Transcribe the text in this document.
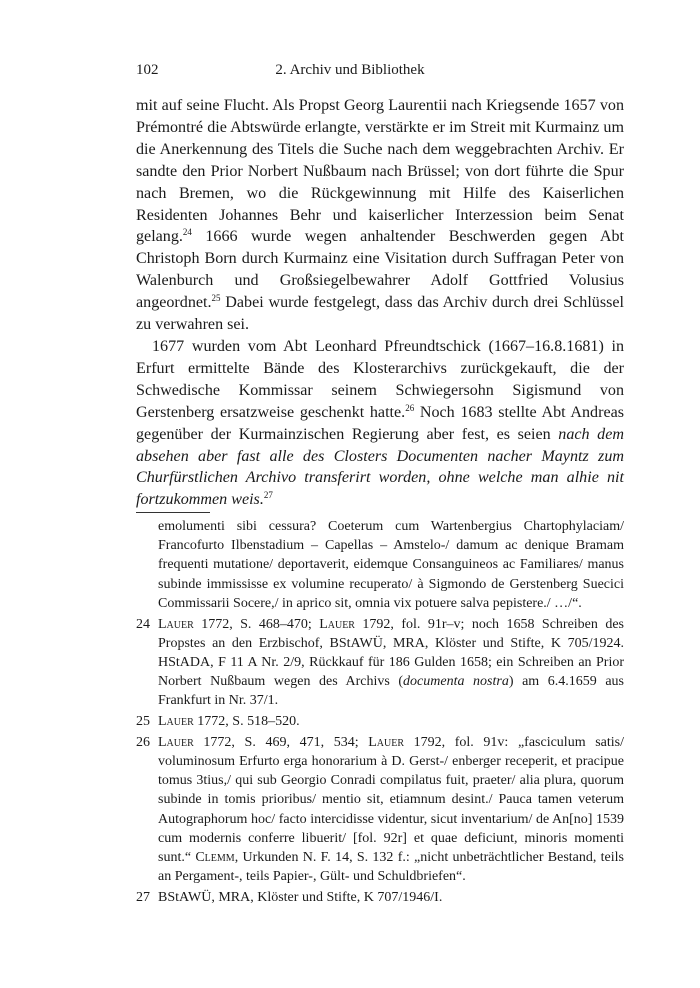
102	2. Archiv und Bibliothek

mit auf seine Flucht. Als Propst Georg Laurentii nach Kriegsende 1657 von Prémontré die Abtswürde erlangte, verstärkte er im Streit mit Kurmainz um die Anerkennung des Titels die Suche nach dem weggebrachten Archiv. Er sandte den Prior Norbert Nußbaum nach Brüssel; von dort führte die Spur nach Bremen, wo die Rückgewinnung mit Hilfe des Kaiserlichen Residenten Johannes Behr und kaiserlicher Interzession beim Senat gelang.$^{24}$ 1666 wurde wegen anhaltender Beschwerden gegen Abt Christoph Born durch Kurmainz eine Visitation durch Suffragan Peter von Walenburch und Großsiegelbewahrer Adolf Gottfried Volusius angeordnet.$^{25}$ Dabei wurde festgelegt, dass das Archiv durch drei Schlüssel zu verwahren sei.

1677 wurden vom Abt Leonhard Pfreundtschick (1667–16.8.1681) in Erfurt ermittelte Bände des Klosterarchivs zurückgekauft, die der Schwedische Kommissar seinem Schwiegersohn Sigismund von Gerstenberg ersatzweise geschenkt hatte.$^{26}$ Noch 1683 stellte Abt Andreas gegenüber der Kurmainzischen Regierung aber fest, es seien nach dem absehen aber fast alle des Closters Documenten nacher Mayntz zum Churfürstlichen Archivo transferirt worden, ohne welche man alhie nit fortzukommen weis.$^{27}$

emolumenti sibi cessura? Coeterum cum Wartenbergius Chartophylaciam/ Francofurto Ilbenstadium – Capellas – Amstelo-/ damum ac denique Bramam frequenti mutatione/ deportaverit, eidemque Consanguineos ac Familiares/ manus subinde immississe ex volumine recuperato/ à Sigmondo de Gerstenberg Suecici Commissarii Socere,/ in aprico sit, omnia vix potuere salva pepistere./ …/“.
24 Lauer 1772, S. 468–470; Lauer 1792, fol. 91r–v; noch 1658 Schreiben des Propstes an den Erzbischof, BStAWÜ, MRA, Klöster und Stifte, K 705/1924. HStADA, F 11 A Nr. 2/9, Rückkauf für 186 Gulden 1658; ein Schreiben an Prior Norbert Nußbaum wegen des Archivs (documenta nostra) am 6.4.1659 aus Frankfurt in Nr. 37/1.
25 Lauer 1772, S. 518–520.
26 Lauer 1772, S. 469, 471, 534; Lauer 1792, fol. 91v: „fasciculum satis/ voluminosum Erfurto erga honorarium à D. Gerst-/ enberger receperit, et pracipue tomus 3tius,/ qui sub Georgio Conradi compilatus fuit, praeter/ alia plura, quorum subinde in tomis prioribus/ mentio sit, etiamnum desint./ Pauca tamen veterum Autographorum hoc/ facto intercidisse videntur, sicut inventarium/ de An[no] 1539 cum modernis conferre libuerit/ [fol. 92r] et quae deficiunt, minoris momenti sunt.“ Clemm, Urkunden N. F. 14, S. 132 f.: „nicht unbeträchtlicher Bestand, teils an Pergament-, teils Papier-, Gült- und Schuldbriefen“.
27 BStAWÜ, MRA, Klöster und Stifte, K 707/1946/I.
